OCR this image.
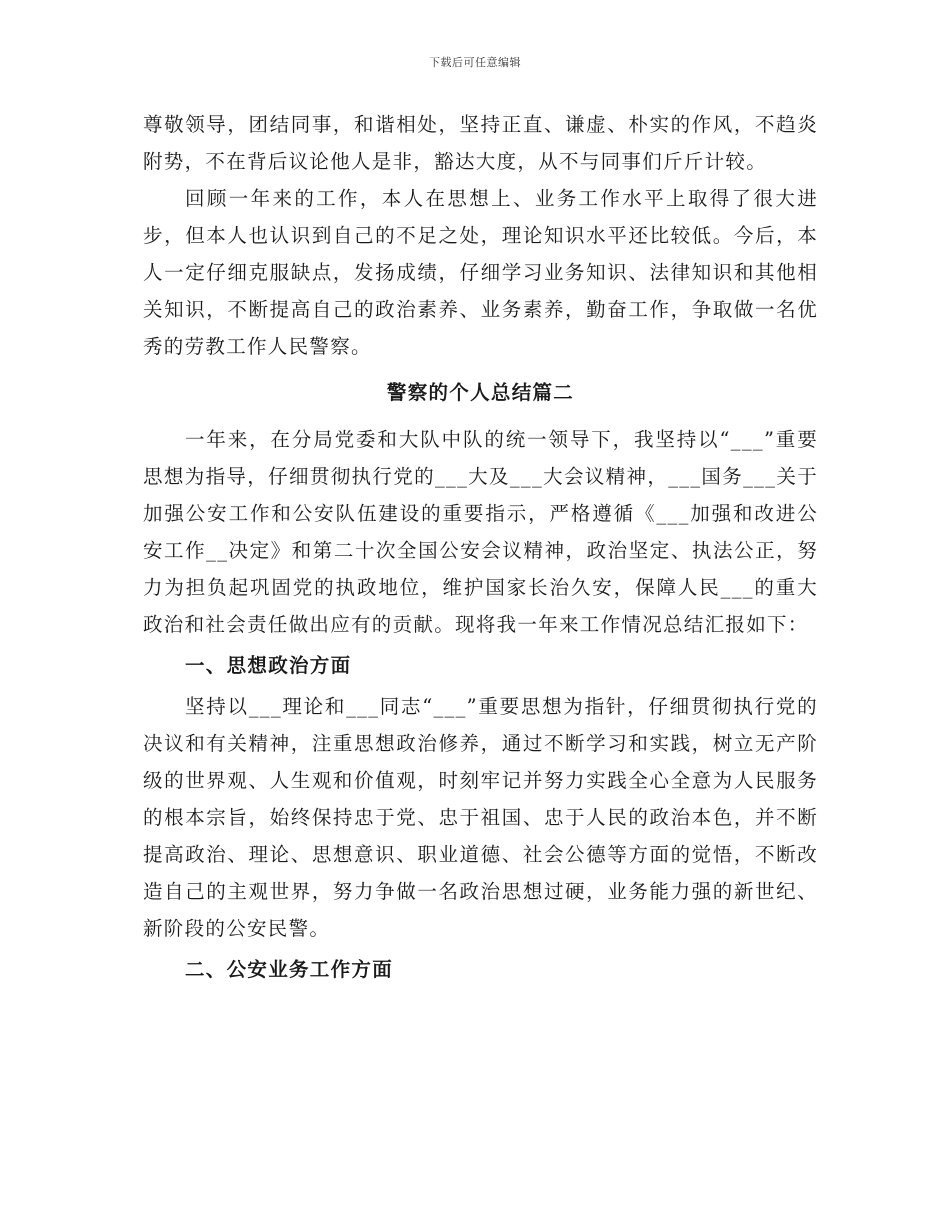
下载后可任意编辑

尊敬领导，团结同事，和谐相处，坚持正直、谦虚、朴实的作风，不趋炎附势，不在背后议论他人是非，豁达大度，从不与同事们斤斤计较。

回顾一年来的工作，本人在思想上、业务工作水平上取得了很大进步，但本人也认识到自己的不足之处，理论知识水平还比较低。今后，本人一定仔细克服缺点，发扬成绩，仔细学习业务知识、法律知识和其他相关知识，不断提高自己的政治素养、业务素养，勤奋工作，争取做一名优秀的劳教工作人民警察。

警察的个人总结篇二

一年来，在分局党委和大队中队的统一领导下，我坚持以“___”重要思想为指导，仔细贯彻执行党的___大及___大会议精神，___国务___关于加强公安工作和公安队伍建设的重要指示，严格遵循《___加强和改进公安工作__决定》和第二十次全国公安会议精神，政治坚定、执法公正，努力为担负起巩固党的执政地位，维护国家长治久安，保障人民___的重大政治和社会责任做出应有的贡献。现将我一年来工作情况总结汇报如下：

一、思想政治方面

坚持以___理论和___同志“___”重要思想为指针，仔细贯彻执行党的决议和有关精神，注重思想政治修养，通过不断学习和实践，树立无产阶级的世界观、人生观和价值观，时刻牢记并努力实践全心全意为人民服务的根本宗旨，始终保持忠于党、忠于祖国、忠于人民的政治本色，并不断提高政治、理论、思想意识、职业道德、社会公德等方面的觉悟，不断改造自己的主观世界，努力争做一名政治思想过硬，业务能力强的新世纪、新阶段的公安民警。

二、公安业务工作方面
